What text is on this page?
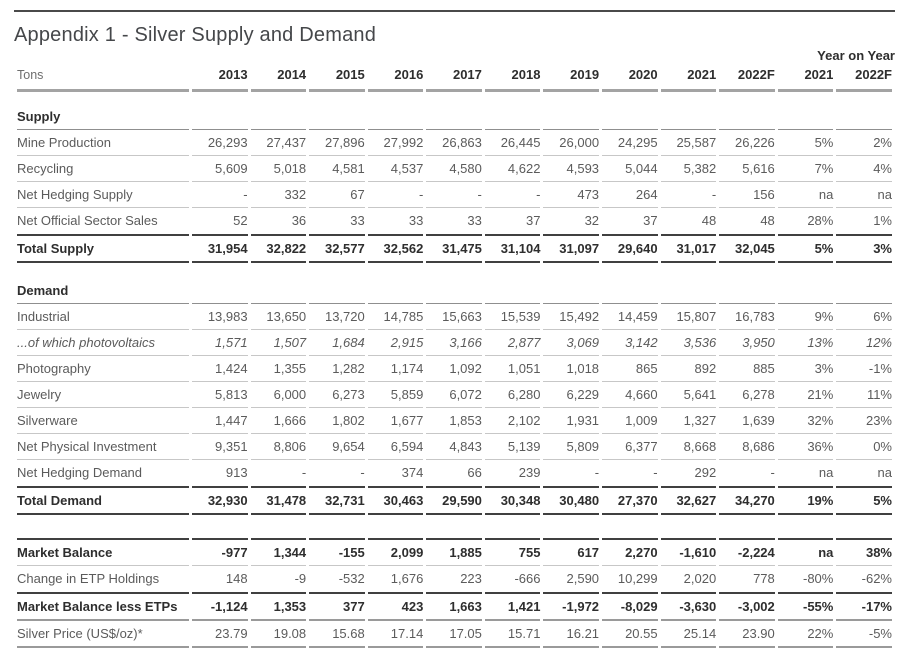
Appendix 1 - Silver Supply and Demand
Year on Year
Tons	2013	2014	2015	2016	2017	2018	2019	2020	2021	2022F	2021	2022F

Supply												
Mine Production	26,293	27,437	27,896	27,992	26,863	26,445	26,000	24,295	25,587	26,226	5%	2%
Recycling	5,609	5,018	4,581	4,537	4,580	4,622	4,593	5,044	5,382	5,616	7%	4%
Net Hedging Supply	-	332	67	-	-	-	473	264	-	156	na	na
Net Official Sector Sales	52	36	33	33	33	37	32	37	48	48	28%	1%
Total Supply	31,954	32,822	32,577	32,562	31,475	31,104	31,097	29,640	31,017	32,045	5%	3%

Demand												
Industrial	13,983	13,650	13,720	14,785	15,663	15,539	15,492	14,459	15,807	16,783	9%	6%
...of which photovoltaics	1,571	1,507	1,684	2,915	3,166	2,877	3,069	3,142	3,536	3,950	13%	12%
Photography	1,424	1,355	1,282	1,174	1,092	1,051	1,018	865	892	885	3%	-1%
Jewelry	5,813	6,000	6,273	5,859	6,072	6,280	6,229	4,660	5,641	6,278	21%	11%
Silverware	1,447	1,666	1,802	1,677	1,853	2,102	1,931	1,009	1,327	1,639	32%	23%
Net Physical Investment	9,351	8,806	9,654	6,594	4,843	5,139	5,809	6,377	8,668	8,686	36%	0%
Net Hedging Demand	913	-	-	374	66	239	-	-	292	-	na	na
Total Demand	32,930	31,478	32,731	30,463	29,590	30,348	30,480	27,370	32,627	34,270	19%	5%

Market Balance	-977	1,344	-155	2,099	1,885	755	617	2,270	-1,610	-2,224	na	38%
Change in ETP Holdings	148	-9	-532	1,676	223	-666	2,590	10,299	2,020	778	-80%	-62%
Market Balance less ETPs	-1,124	1,353	377	423	1,663	1,421	-1,972	-8,029	-3,630	-3,002	-55%	-17%
Silver Price (US$/oz)*	23.79	19.08	15.68	17.14	17.05	15.71	16.21	20.55	25.14	23.90	22%	-5%
